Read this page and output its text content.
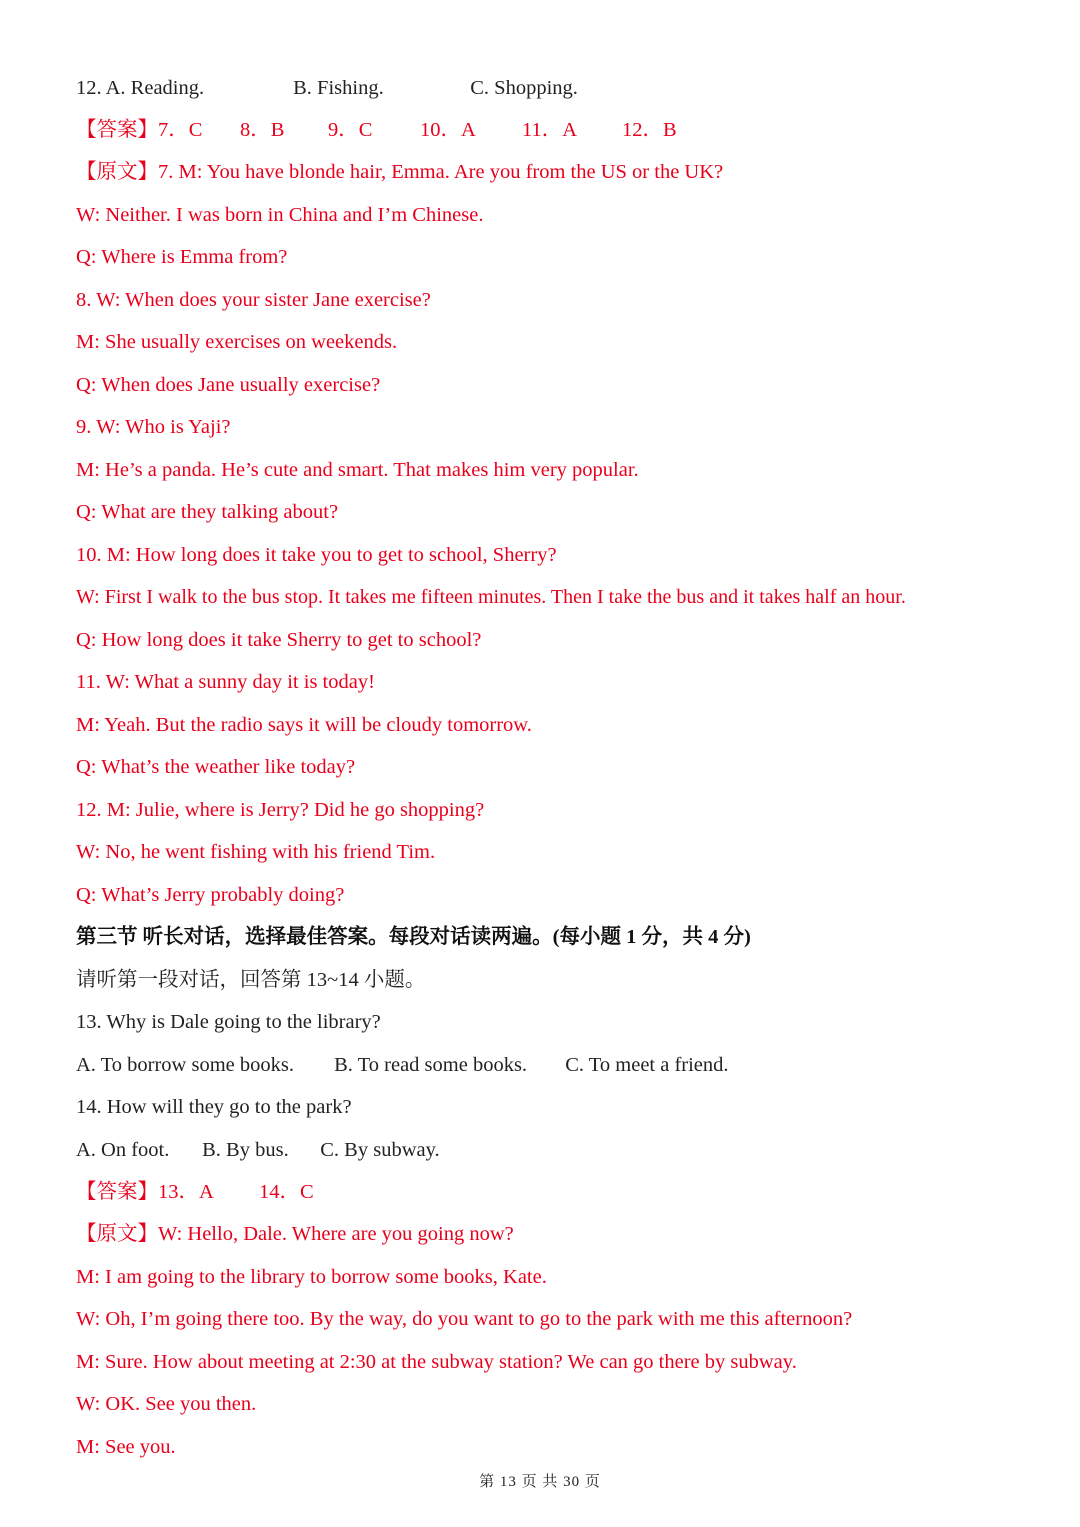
12. A. Reading.	B. Fishing.	C. Shopping.
【答案】7．C 8．B 9．C 10．A 11．A 12．B
【原文】7. M: You have blonde hair, Emma. Are you from the US or the UK?
W: Neither. I was born in China and I’m Chinese.
Q: Where is Emma from?
8. W: When does your sister Jane exercise?
M: She usually exercises on weekends.
Q: When does Jane usually exercise?
9. W: Who is Yaji?
M: He’s a panda. He’s cute and smart. That makes him very popular.
Q: What are they talking about?
10. M: How long does it take you to get to school, Sherry?
W: First I walk to the bus stop. It takes me fifteen minutes. Then I take the bus and it takes half an hour.
Q: How long does it take Sherry to get to school?
11. W: What a sunny day it is today!
M: Yeah. But the radio says it will be cloudy tomorrow.
Q: What’s the weather like today?
12. M: Julie, where is Jerry? Did he go shopping?
W: No, he went fishing with his friend Tim.
Q: What’s Jerry probably doing?
第三节 听长对话，选择最佳答案。每段对话读两遍。(每小题 1 分，共 4 分)
请听第一段对话，回答第 13~14 小题。
13. Why is Dale going to the library?
A. To borrow some books. B. To read some books. C. To meet a friend.
14. How will they go to the park?
A. On foot. B. By bus. C. By subway.
【答案】13．A 14．C
【原文】W: Hello, Dale. Where are you going now?
M: I am going to the library to borrow some books, Kate.
W: Oh, I’m going there too. By the way, do you want to go to the park with me this afternoon?
M: Sure. How about meeting at 2:30 at the subway station? We can go there by subway.
W: OK. See you then.
M: See you.
第 13 页 共 30 页
